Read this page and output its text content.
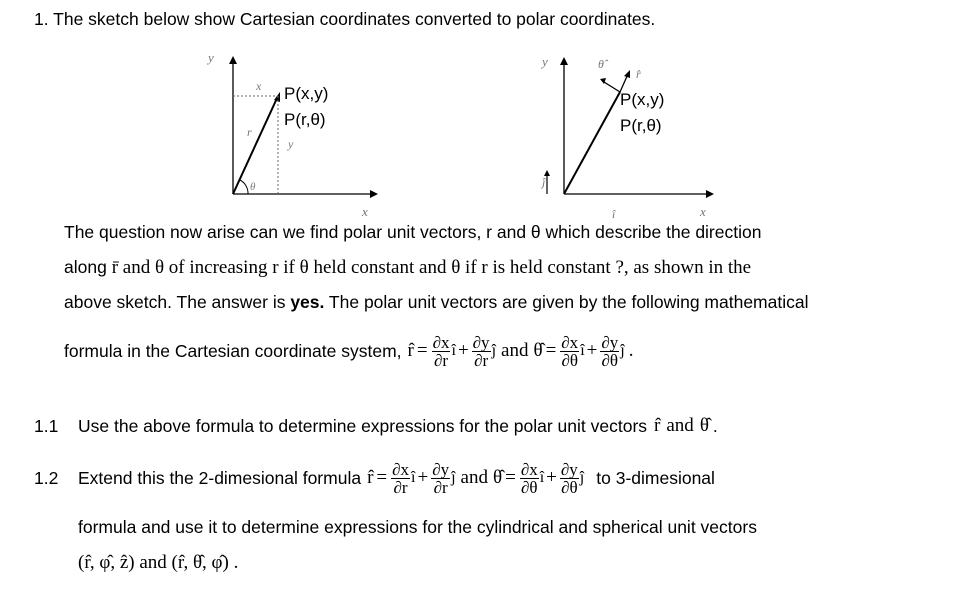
1. The sketch below show Cartesian coordinates converted to polar coordinates.
y
x
x
y
r
θ
P(x,y)
P(r,θ)
y
x
θ̂
r̂
ĵ
î
P(x,y)
P(r,θ)
The question now arise can we find polar unit vectors, r and θ which describe the direction
along r̄ and θ of increasing r if θ held constant and θ if r is held constant ?, as shown in the
above sketch. The answer is yes. The polar unit vectors are given by the following mathematical
formula in the Cartesian coordinate system, r̂ = $\frac{\partial x}{\partial r}$ î + $\frac{\partial y}{\partial r}$ ĵ and θ̂ = $\frac{\partial x}{\partial\theta}$ î + $\frac{\partial y}{\partial\theta}$ ĵ .
1.1	Use the above formula to determine expressions for the polar unit vectors r̂ and θ̂ .
1.2	Extend this the 2-dimesional formula r̂ = $\frac{\partial x}{\partial r}$ î + $\frac{\partial y}{\partial r}$ ĵ and θ̂ = $\frac{\partial x}{\partial\theta}$ î + $\frac{\partial y}{\partial\theta}$ ĵ to 3-dimesional
formula and use it to determine expressions for the cylindrical and spherical unit vectors
(r̂, φ̂, ẑ) and (r̂, θ̂, φ̂) .
